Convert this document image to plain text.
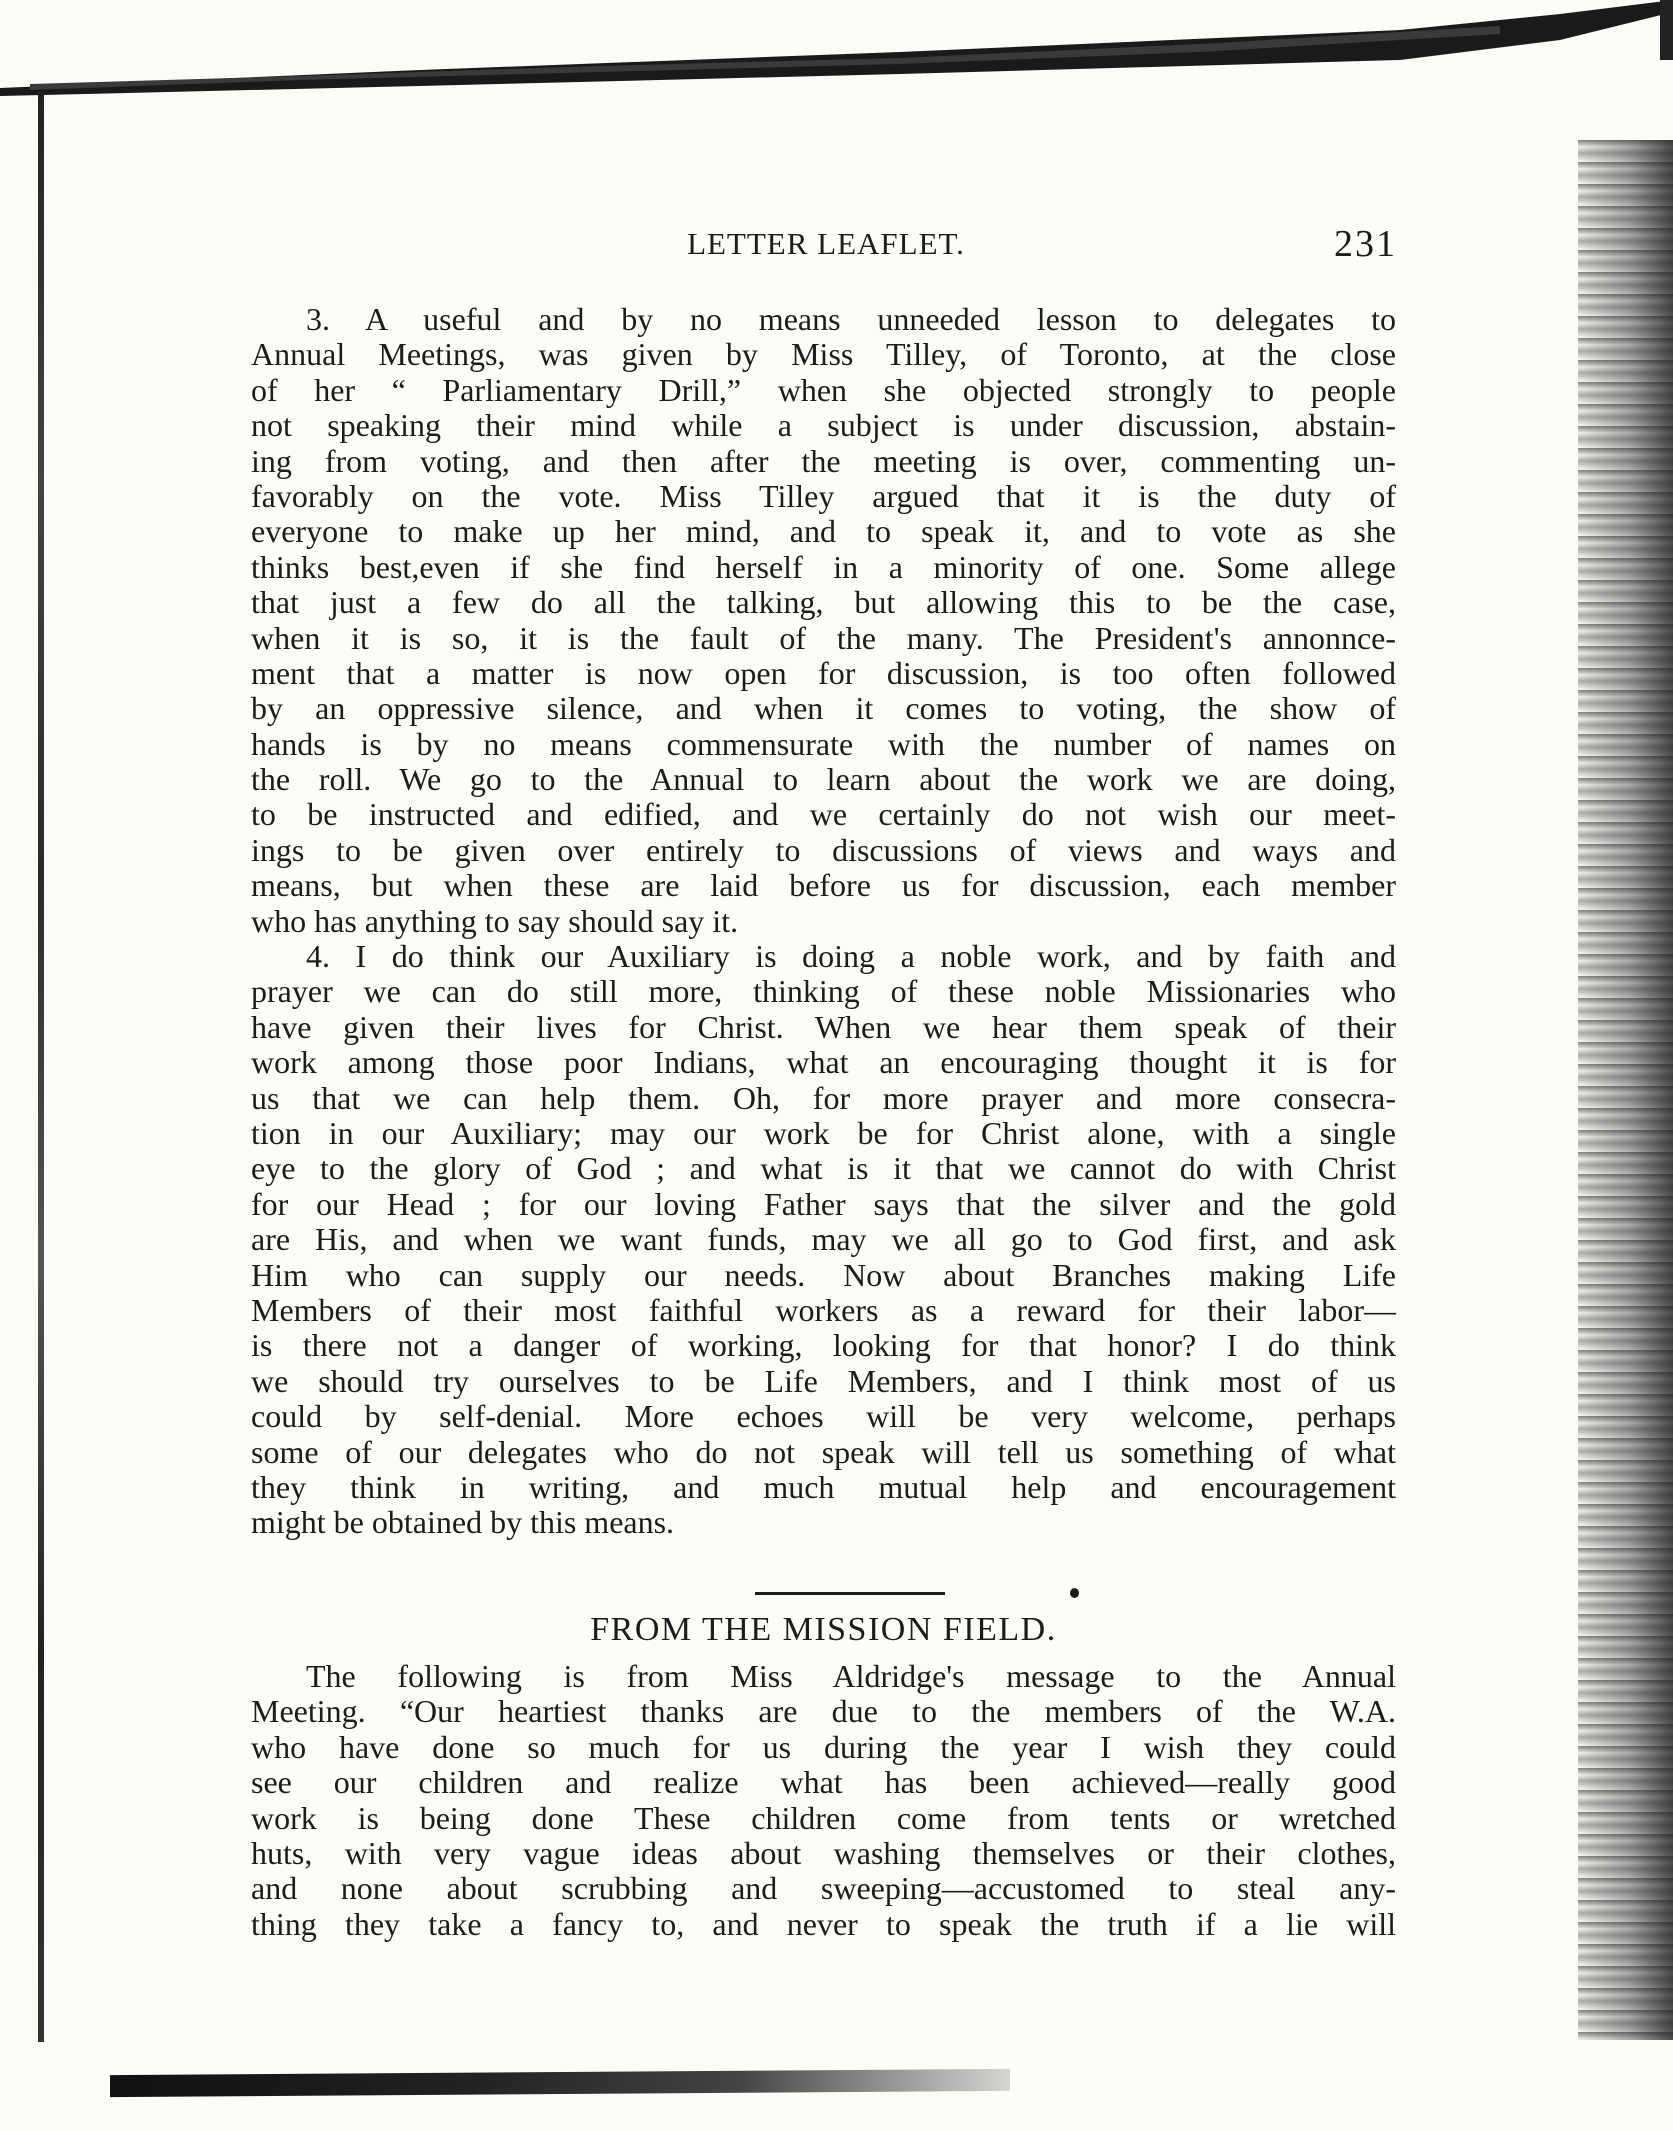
LETTER LEAFLET.	231
3. A useful and by no means unneeded lesson to delegates to
Annual Meetings, was given by Miss Tilley, of Toronto, at the close
of her “ Parliamentary Drill,” when she objected strongly to people
not speaking their mind while a subject is under discussion, abstain-
ing from voting, and then after the meeting is over, commenting un-
favorably on the vote. Miss Tilley argued that it is the duty of
everyone to make up her mind, and to speak it, and to vote as she
thinks best,even if she find herself in a minority of one. Some allege
that just a few do all the talking, but allowing this to be the case,
when it is so, it is the fault of the many. The President's annonnce-
ment that a matter is now open for discussion, is too often followed
by an oppressive silence, and when it comes to voting, the show of
hands is by no means commensurate with the number of names on
the roll. We go to the Annual to learn about the work we are doing,
to be instructed and edified, and we certainly do not wish our meet-
ings to be given over entirely to discussions of views and ways and
means, but when these are laid before us for discussion, each member
who has anything to say should say it.
4. I do think our Auxiliary is doing a noble work, and by faith and
prayer we can do still more, thinking of these noble Missionaries who
have given their lives for Christ. When we hear them speak of their
work among those poor Indians, what an encouraging thought it is for
us that we can help them. Oh, for more prayer and more consecra-
tion in our Auxiliary; may our work be for Christ alone, with a single
eye to the glory of God ; and what is it that we cannot do with Christ
for our Head ; for our loving Father says that the silver and the gold
are His, and when we want funds, may we all go to God first, and ask
Him who can supply our needs. Now about Branches making Life
Members of their most faithful workers as a reward for their labor—
is there not a danger of working, looking for that honor? I do think
we should try ourselves to be Life Members, and I think most of us
could by self-denial. More echoes will be very welcome, perhaps
some of our delegates who do not speak will tell us something of what
they think in writing, and much mutual help and encouragement
might be obtained by this means.
FROM THE MISSION FIELD.
The following is from Miss Aldridge's message to the Annual
Meeting. “Our heartiest thanks are due to the members of the W.A.
who have done so much for us during the year I wish they could
see our children and realize what has been achieved—really good
work is being done These children come from tents or wretched
huts, with very vague ideas about washing themselves or their clothes,
and none about scrubbing and sweeping—accustomed to steal any-
thing they take a fancy to, and never to speak the truth if a lie will
